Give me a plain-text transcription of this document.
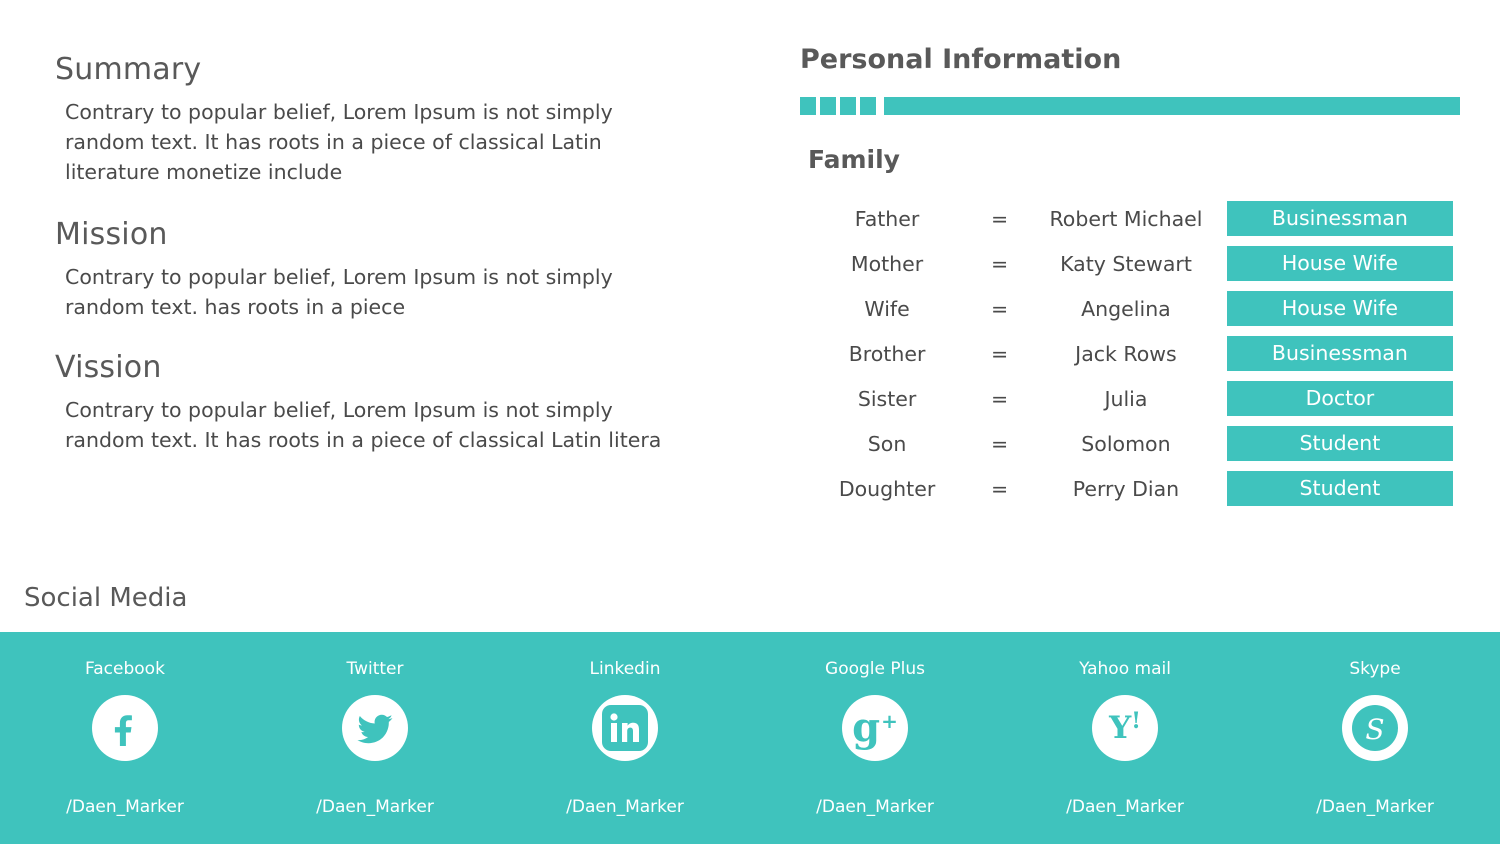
Summary

Contrary to popular belief, Lorem Ipsum is not simply random text. It has roots in a piece of classical Latin literature monetize include

Mission

Contrary to popular belief, Lorem Ipsum is not simply random text. has roots in a piece

Vission

Contrary to popular belief, Lorem Ipsum is not simply random text. It has roots in a piece of classical Latin litera

Social Media
Personal Information
Family
Father	=	Robert Michael	Businessman

Mother	=	Katy Stewart	House Wife

Wife	=	Angelina	House Wife

Brother	=	Jack Rows	Businessman

Sister	=	Julia	Doctor

Son	=	Solomon	Student

Doughter	=	Perry Dian	Student
Facebook
/Daen_Marker
Twitter
/Daen_Marker
Linkedin
/Daen_Marker
Google Plus
g +
/Daen_Marker
Yahoo mail
Y !
/Daen_Marker
Skype
S
/Daen_Marker
